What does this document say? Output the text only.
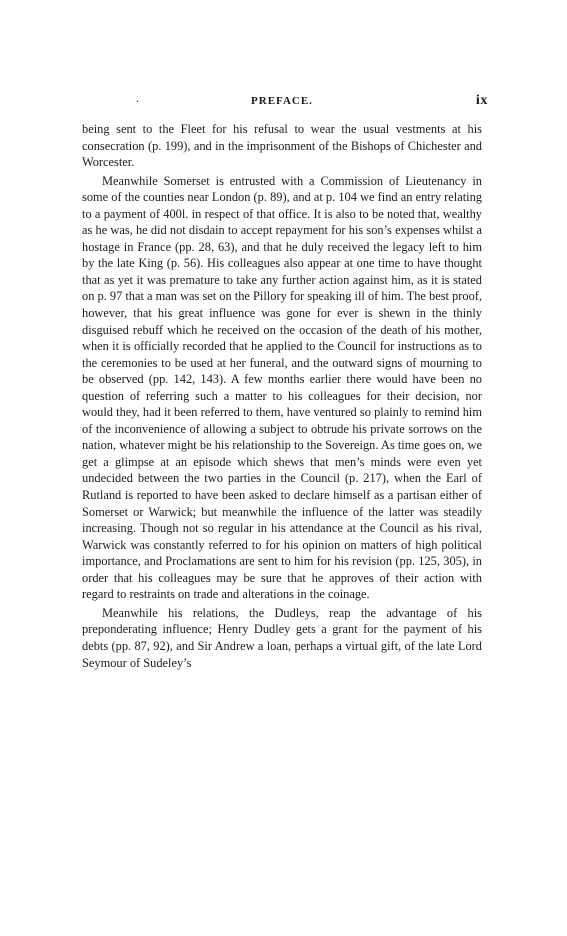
.	PREFACE.	ix

being sent to the Fleet for his refusal to wear the usual vestments at his consecration (p. 199), and in the imprisonment of the Bishops of Chichester and Worcester.

Meanwhile Somerset is entrusted with a Commission of Lieutenancy in some of the counties near London (p. 89), and at p. 104 we find an entry relating to a payment of 400l. in respect of that office. It is also to be noted that, wealthy as he was, he did not disdain to accept repayment for his son’s expenses whilst a hostage in France (pp. 28, 63), and that he duly received the legacy left to him by the late King (p. 56). His colleagues also appear at one time to have thought that as yet it was premature to take any further action against him, as it is stated on p. 97 that a man was set on the Pillory for speaking ill of him. The best proof, however, that his great influence was gone for ever is shewn in the thinly disguised rebuff which he received on the occasion of the death of his mother, when it is officially recorded that he applied to the Council for instructions as to the ceremonies to be used at her funeral, and the outward signs of mourning to be observed (pp. 142, 143). A few months earlier there would have been no question of referring such a matter to his colleagues for their decision, nor would they, had it been referred to them, have ventured so plainly to remind him of the inconvenience of allowing a subject to obtrude his private sorrows on the nation, whatever might be his relationship to the Sovereign. As time goes on, we get a glimpse at an episode which shews that men’s minds were even yet undecided between the two parties in the Council (p. 217), when the Earl of Rutland is reported to have been asked to declare himself as a partisan either of Somerset or Warwick; but meanwhile the influence of the latter was steadily increasing. Though not so regular in his attendance at the Council as his rival, Warwick was constantly referred to for his opinion on matters of high political importance, and Proclamations are sent to him for his revision (pp. 125, 305), in order that his colleagues may be sure that he approves of their action with regard to restraints on trade and alterations in the coinage.

Meanwhile his relations, the Dudleys, reap the advantage of his preponderating influence; Henry Dudley gets a grant for the payment of his debts (pp. 87, 92), and Sir Andrew a loan, perhaps a virtual gift, of the late Lord Seymour of Sudeley’s
